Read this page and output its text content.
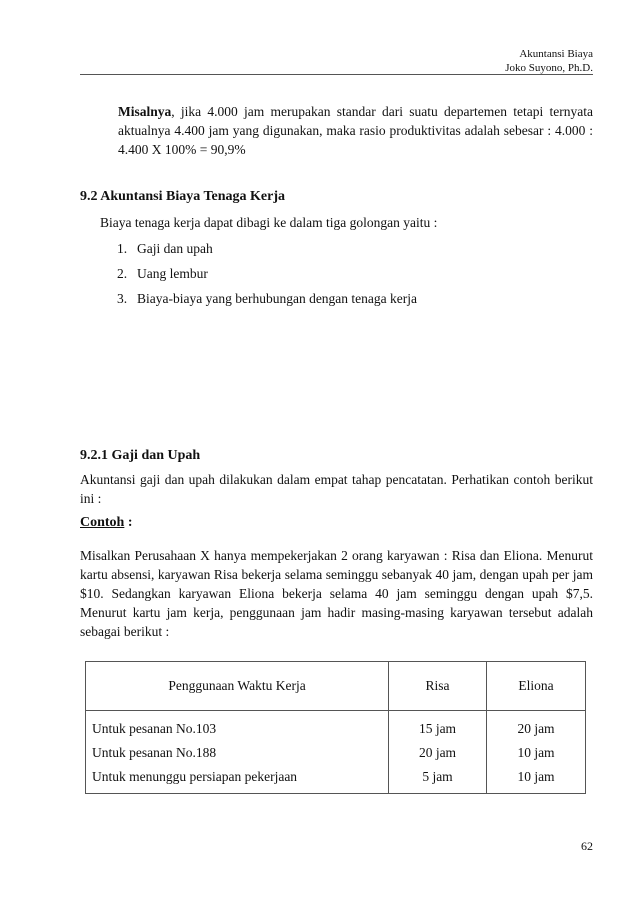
Akuntansi Biaya
Joko Suyono, Ph.D.

Misalnya, jika 4.000 jam merupakan standar dari suatu departemen tetapi ternyata aktualnya 4.400 jam yang digunakan, maka rasio produktivitas adalah sebesar : 4.000 : 4.400 X 100% = 90,9%

9.2 Akuntansi Biaya Tenaga Kerja
Biaya tenaga kerja dapat dibagi ke dalam tiga golongan yaitu :
1. Gaji dan upah
2. Uang lembur
3. Biaya-biaya yang berhubungan dengan tenaga kerja
9.2.1 Gaji dan Upah

Akuntansi gaji dan upah dilakukan dalam empat tahap pencatatan. Perhatikan contoh berikut ini :

Contoh :

Misalkan Perusahaan X hanya mempekerjakan 2 orang karyawan : Risa dan Eliona. Menurut kartu absensi, karyawan Risa bekerja selama seminggu sebanyak 40 jam, dengan upah per jam $10. Sedangkan karyawan Eliona bekerja selama 40 jam seminggu dengan upah $7,5. Menurut kartu jam kerja, penggunaan jam hadir masing-masing karyawan tersebut adalah sebagai berikut :

Penggunaan Waktu Kerja	Risa	Eliona
Untuk pesanan No.103	15 jam	20 jam
Untuk pesanan No.188	20 jam	10 jam
Untuk menunggu persiapan pekerjaan	5 jam	10 jam
62
